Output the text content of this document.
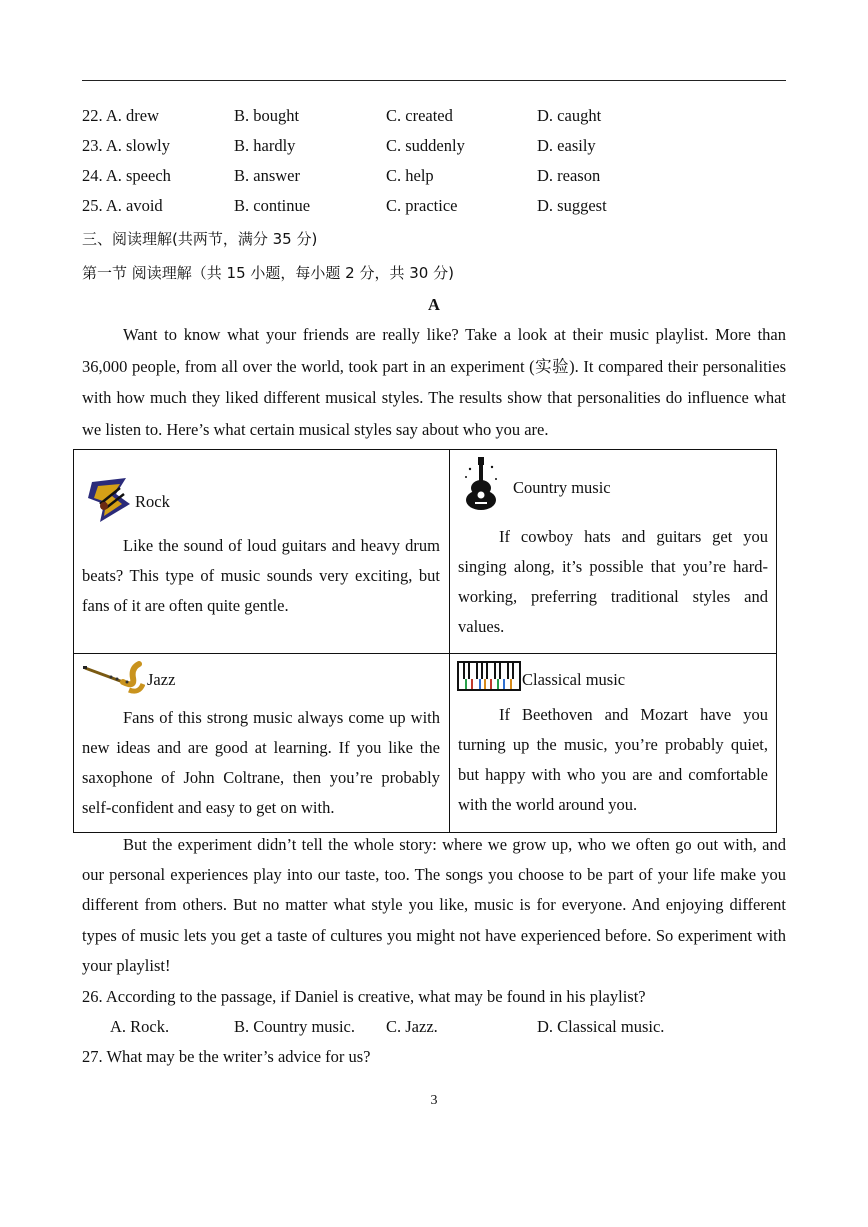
22. A. drew	B. bought	C. created	D. caught
23. A. slowly	B. hardly	C. suddenly	D. easily
24. A. speech	B. answer	C. help	D. reason
25. A. avoid	B. continue	C. practice	D. suggest
三、阅读理解(共两节，满分 35 分)
第一节 阅读理解（共 15 小题，每小题 2 分，共 30 分)
A
Want to know what your friends are really like? Take a look at their music playlist. More than 36,000 people, from all over the world, took part in an experiment (实验). It compared their personalities with how much they liked different musical styles. The results show that personalities do influence what we listen to. Here’s what certain musical styles say about who you are.
Rock
Like the sound of loud guitars and heavy drum beats? This type of music sounds very exciting, but fans of it are often quite gentle.
Country music
If cowboy hats and guitars get you singing along, it’s possible that you’re hard-working, preferring traditional styles and values.
Jazz
Fans of this strong music always come up with new ideas and are good at learning. If you like the saxophone of John Coltrane, then you’re probably self-confident and easy to get on with.
Classical music
If Beethoven and Mozart have you turning up the music, you’re probably quiet, but happy with who you are and comfortable with the world around you.
But the experiment didn’t tell the whole story: where we grow up, who we often go out with, and our personal experiences play into our taste, too. The songs you choose to be part of your life make you different from others. But no matter what style you like, music is for everyone. And enjoying different types of music lets you get a taste of cultures you might not have experienced before. So experiment with your playlist!
26. According to the passage, if Daniel is creative, what may be found in his playlist?
A. Rock.	B. Country music. C. Jazz.	D. Classical music.
27. What may be the writer’s advice for us?
3
